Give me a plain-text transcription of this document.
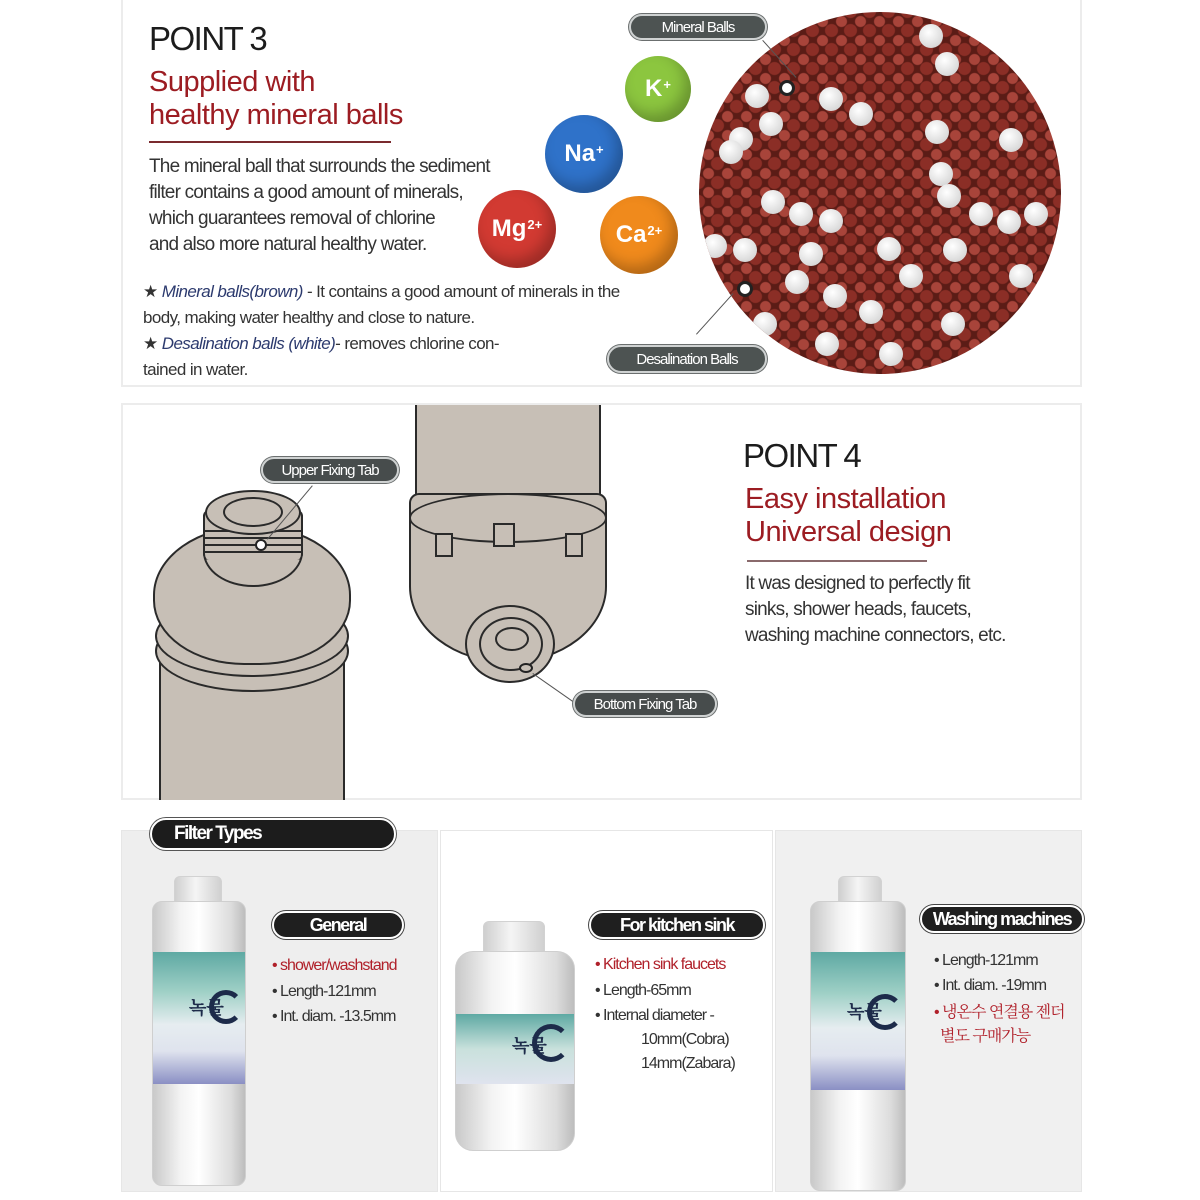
POINT 3
Supplied with
healthy mineral balls
The mineral ball that surrounds the sediment
filter contains a good amount of minerals,
which guarantees removal of chlorine
and also more natural healthy water.
★ Mineral balls(brown) - It contains a good amount of minerals in the
body, making water healthy and close to nature.
★ Desalination balls (white)- removes chlorine con-
tained in water.
K+
Na+
$Mg^{2+}$	$Ca^{2+}$
Mineral Balls
Desalination Balls
Upper Fixing Tab
Bottom Fixing Tab
POINT 4
Easy installation
Universal design
It was designed to perfectly fit
sinks, shower heads, faucets,
washing machine connectors, etc.
녹물
General
• shower/washstand
• Length-121mm
• Int. diam. -13.5mm
녹물
For kitchen sink
• Kitchen sink faucets
• Length-65mm
• Internal diameter -
10mm(Cobra)
14mm(Zabara)
녹물
Washing machines
• Length-121mm
• Int. diam. -19mm
• 냉온수 연결용 젠더
별도 구매가능
Filter Types
